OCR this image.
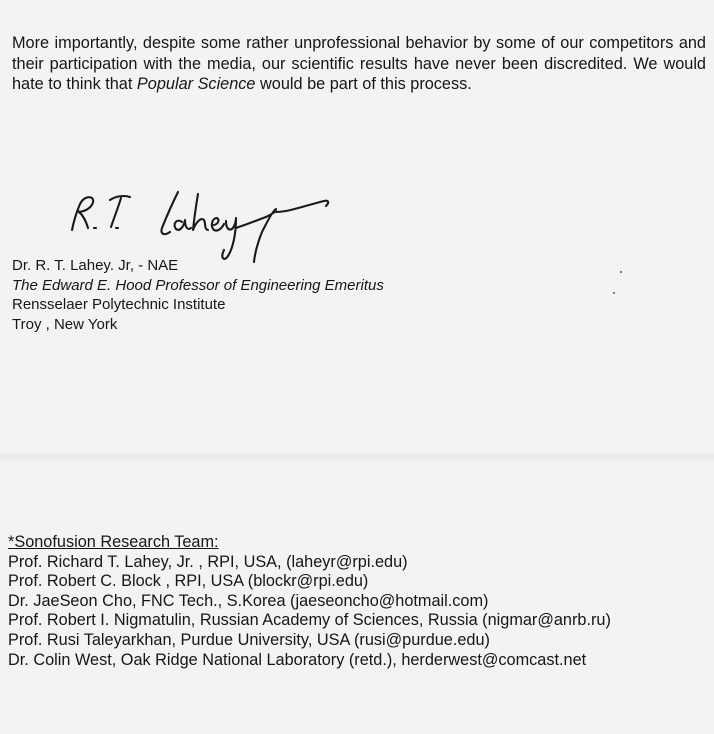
More importantly, despite some rather unprofessional behavior by some of our competitors and their participation with the media, our scientific results have never been discredited. We would hate to think that Popular Science would be part of this process.

Dr. R. T. Lahey. Jr, - NAE
The Edward E. Hood Professor of Engineering Emeritus
Rensselaer Polytechnic Institute
Troy , New York
*Sonofusion Research Team:
Prof. Richard T. Lahey, Jr. , RPI, USA, (laheyr@rpi.edu)
Prof. Robert C. Block , RPI, USA (blockr@rpi.edu)
Dr. JaeSeon Cho, FNC Tech., S.Korea (jaeseoncho@hotmail.com)
Prof. Robert I. Nigmatulin, Russian Academy of Sciences, Russia (nigmar@anrb.ru)
Prof. Rusi Taleyarkhan, Purdue University, USA (rusi@purdue.edu)
Dr. Colin West, Oak Ridge National Laboratory (retd.), herderwest@comcast.net
